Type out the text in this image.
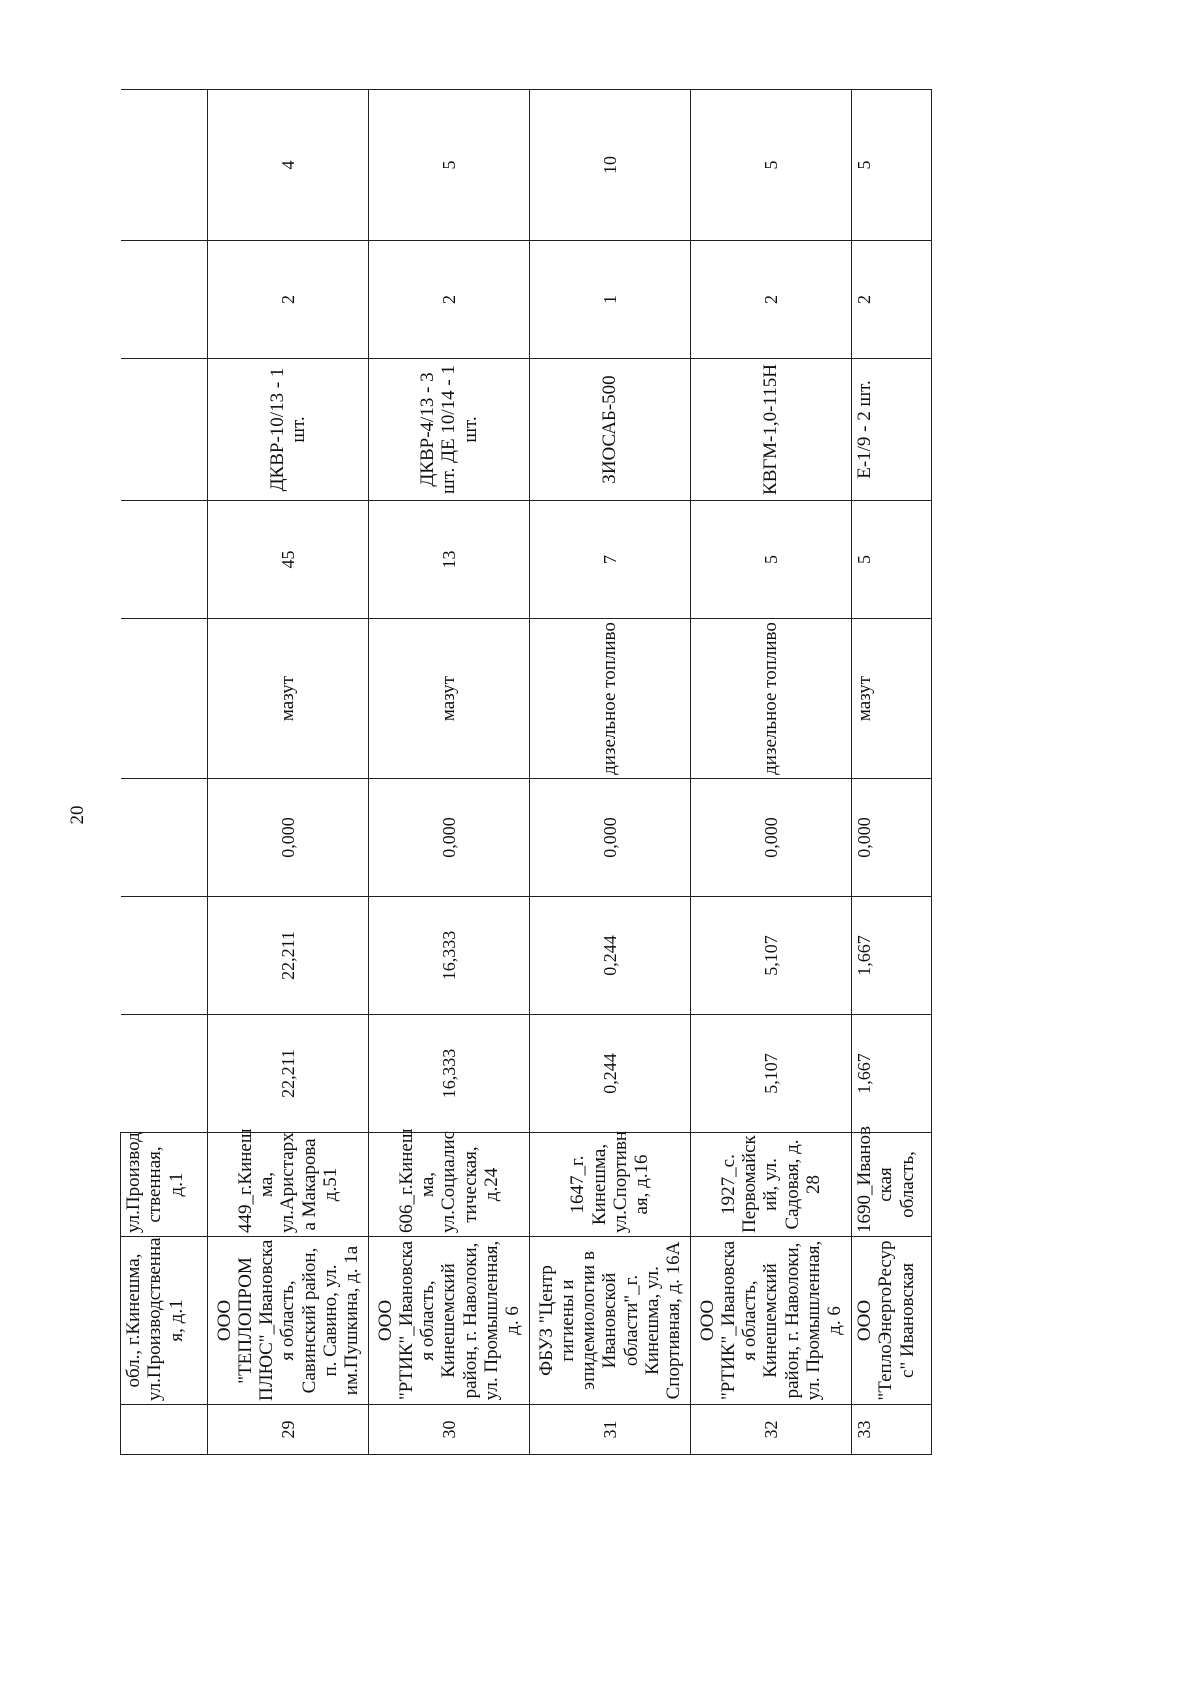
20
	обл., г.Кинешма, ул.Производственна я, д.1	ул.Производ ственная, д.1								
29	ООО "ТЕПЛОПРОМ ПЛЮС"_Ивановска я область, Савинский район, п. Савино, ул. им.Пушкина, д. 1а	449_г.Кинеш ма, ул.Аристарх а Макарова д.51	22,211	22,211	0,000	мазут	45	ДКВР-10/13 - 1 шт.	2	4
30	ООО "РТИК"_Ивановска я область, Кинешемский район, г. Наволоки, ул. Промышленная, д. 6	606_г.Кинеш ма, ул.Социалис тическая, д.24	16,333	16,333	0,000	мазут	13	ДКВР-4/13 - 3 шт. ДЕ 10/14 - 1 шт.	2	5
31	ФБУЗ "Центр гигиены и эпидемиологии в Ивановской области"_г. Кинешма, ул. Спортивная, д. 16А	1647_г. Кинешма, ул.Спортивн ая, д.16	0,244	0,244	0,000	дизельное топливо	7	ЗИОСАБ-500	1	10
32	ООО "РТИК"_Ивановска я область, Кинешемский район, г. Наволоки, ул. Промышленная, д. 6	1927_с. Первомайск ий, ул. Садовая, д. 28	5,107	5,107	0,000	дизельное топливо	5	КВГМ-1,0-115Н	2	5
33	ООО "ТеплоЭнергоРесур с" Ивановская	1690_Иванов ская область,	1,667	1,667	0,000	мазут	5	Е-1/9 - 2 шт.	2	5
